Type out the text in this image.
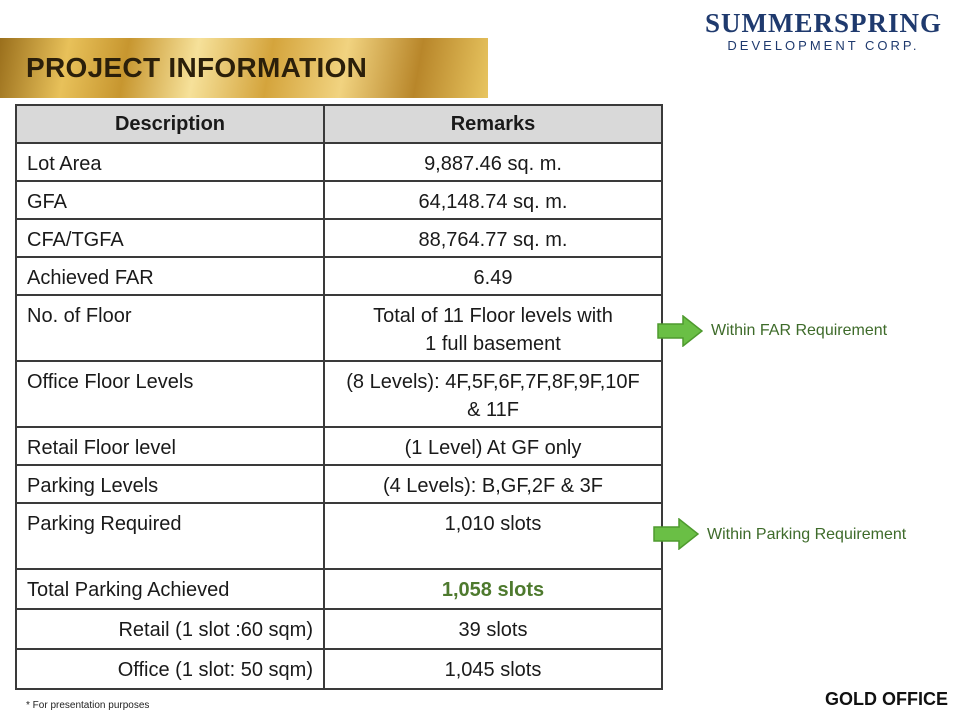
SUMMERSPRING
DEVELOPMENT CORP.
PROJECT INFORMATION
Description	Remarks

Lot Area	9,887.46 sq. m.

GFA	64,148.74 sq. m.

CFA/TGFA	88,764.77 sq. m.

Achieved FAR	6.49

No. of Floor	Total of 11 Floor levels with
1 full basement

Office Floor Levels	(8 Levels): 4F,5F,6F,7F,8F,9F,10F
& 11F

Retail Floor level	(1 Level) At GF only

Parking Levels	(4 Levels): B,GF,2F & 3F

Parking Required	1,010 slots

Total Parking Achieved	1,058 slots

Retail (1 slot :60 sqm)	39 slots

Office (1 slot: 50 sqm)	1,045 slots
Within FAR Requirement
Within Parking Requirement
* For presentation purposes	GOLD OFFICE
